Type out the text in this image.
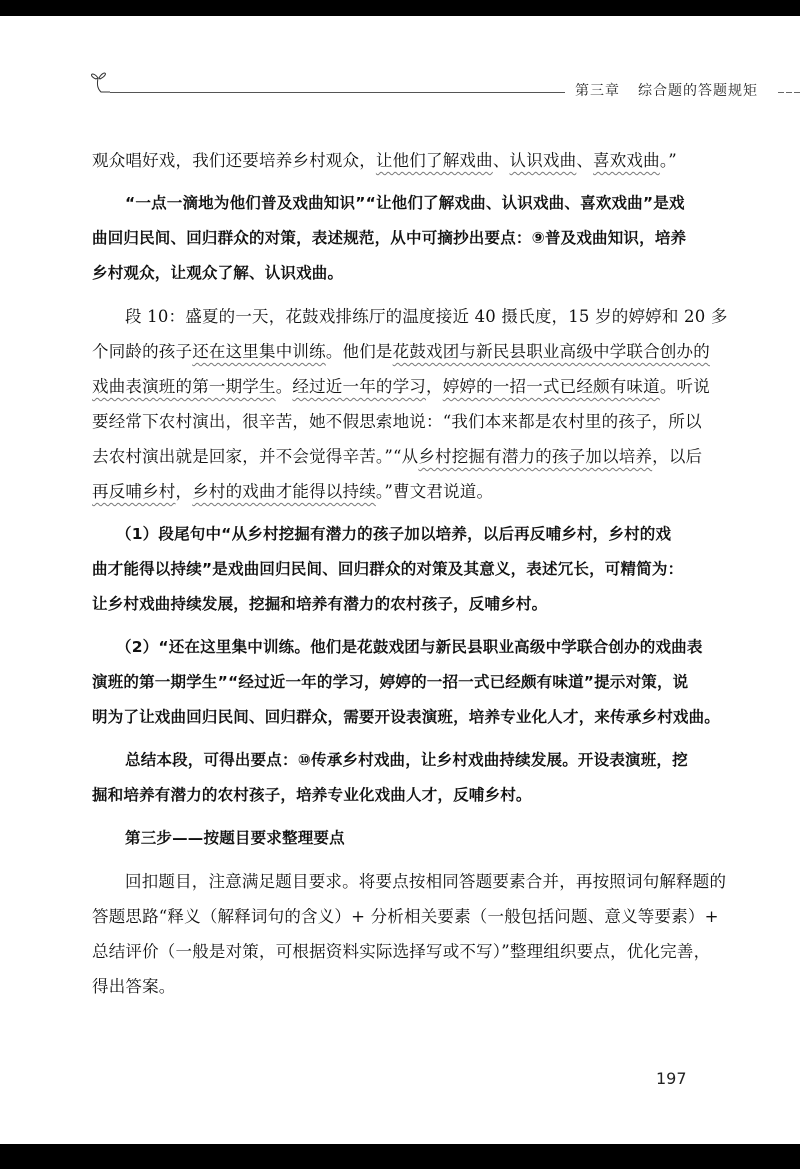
第三章 综合题的答题规矩
观众唱好戏，我们还要培养乡村观众，让他们了解戏曲、认识戏曲、喜欢戏曲。”
“一点一滴地为他们普及戏曲知识”“让他们了解戏曲、认识戏曲、喜欢戏曲”是戏
曲回归民间、回归群众的对策，表述规范，从中可摘抄出要点：⑨普及戏曲知识，培养
乡村观众，让观众了解、认识戏曲。
段 10：盛夏的一天，花鼓戏排练厅的温度接近 40 摄氏度，15 岁的婷婷和 20 多
个同龄的孩子还在这里集中训练。他们是花鼓戏团与新民县职业高级中学联合创办的
戏曲表演班的第一期学生。经过近一年的学习，婷婷的一招一式已经颇有味道。听说
要经常下农村演出，很辛苦，她不假思索地说：“我们本来都是农村里的孩子，所以
去农村演出就是回家，并不会觉得辛苦。”“从乡村挖掘有潜力的孩子加以培养，以后
再反哺乡村，乡村的戏曲才能得以持续。”曹文君说道。
（1）段尾句中“从乡村挖掘有潜力的孩子加以培养，以后再反哺乡村，乡村的戏
曲才能得以持续”是戏曲回归民间、回归群众的对策及其意义，表述冗长，可精简为：
让乡村戏曲持续发展，挖掘和培养有潜力的农村孩子，反哺乡村。
（2）“还在这里集中训练。他们是花鼓戏团与新民县职业高级中学联合创办的戏曲表
演班的第一期学生”“经过近一年的学习，婷婷的一招一式已经颇有味道”提示对策，说
明为了让戏曲回归民间、回归群众，需要开设表演班，培养专业化人才，来传承乡村戏曲。
总结本段，可得出要点：⑩传承乡村戏曲，让乡村戏曲持续发展。开设表演班，挖
掘和培养有潜力的农村孩子，培养专业化戏曲人才，反哺乡村。
第三步——按题目要求整理要点
回扣题目，注意满足题目要求。将要点按相同答题要素合并，再按照词句解释题的
答题思路“释义（解释词句的含义）+ 分析相关要素（一般包括问题、意义等要素）+
总结评价（一般是对策，可根据资料实际选择写或不写）”整理组织要点，优化完善，
得出答案。
197
